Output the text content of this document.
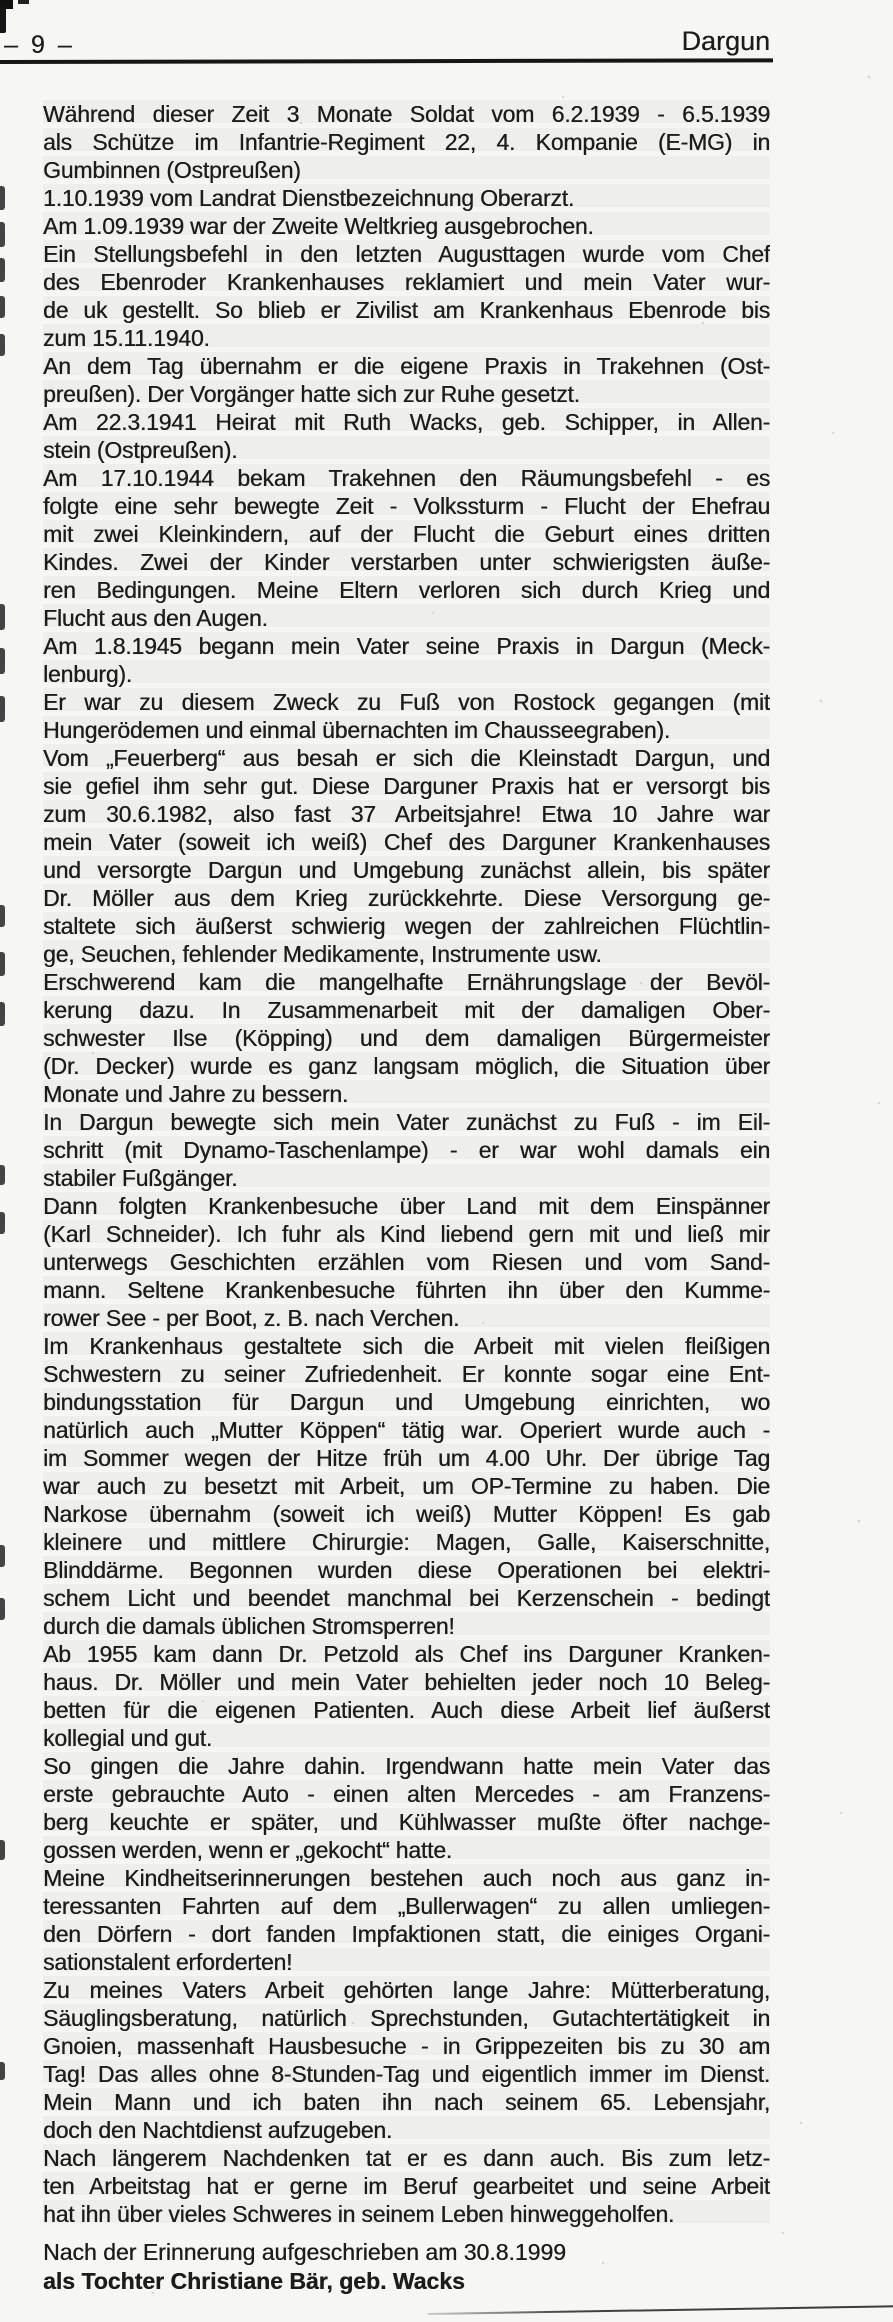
– 9 –	Dargun
Während dieser Zeit 3 Monate Soldat vom 6.2.1939 - 6.5.1939
als Schütze im Infantrie-Regiment 22, 4. Kompanie (E-MG) in
Gumbinnen (Ostpreußen)
1.10.1939 vom Landrat Dienstbezeichnung Oberarzt.
Am 1.09.1939 war der Zweite Weltkrieg ausgebrochen.
Ein Stellungsbefehl in den letzten Augusttagen wurde vom Chef
des Ebenroder Krankenhauses reklamiert und mein Vater wur-
de uk gestellt. So blieb er Zivilist am Krankenhaus Ebenrode bis
zum 15.11.1940.
An dem Tag übernahm er die eigene Praxis in Trakehnen (Ost-
preußen). Der Vorgänger hatte sich zur Ruhe gesetzt.
Am 22.3.1941 Heirat mit Ruth Wacks, geb. Schipper, in Allen-
stein (Ostpreußen).
Am 17.10.1944 bekam Trakehnen den Räumungsbefehl - es
folgte eine sehr bewegte Zeit - Volkssturm - Flucht der Ehefrau
mit zwei Kleinkindern, auf der Flucht die Geburt eines dritten
Kindes. Zwei der Kinder verstarben unter schwierigsten äuße-
ren Bedingungen. Meine Eltern verloren sich durch Krieg und
Flucht aus den Augen.
Am 1.8.1945 begann mein Vater seine Praxis in Dargun (Meck-
lenburg).
Er war zu diesem Zweck zu Fuß von Rostock gegangen (mit
Hungerödemen und einmal übernachten im Chausseegraben).
Vom „Feuerberg“ aus besah er sich die Kleinstadt Dargun, und
sie gefiel ihm sehr gut. Diese Darguner Praxis hat er versorgt bis
zum 30.6.1982, also fast 37 Arbeitsjahre! Etwa 10 Jahre war
mein Vater (soweit ich weiß) Chef des Darguner Krankenhauses
und versorgte Dargun und Umgebung zunächst allein, bis später
Dr. Möller aus dem Krieg zurückkehrte. Diese Versorgung ge-
staltete sich äußerst schwierig wegen der zahlreichen Flüchtlin-
ge, Seuchen, fehlender Medikamente, Instrumente usw.
Erschwerend kam die mangelhafte Ernährungslage der Bevöl-
kerung dazu. In Zusammenarbeit mit der damaligen Ober-
schwester Ilse (Köpping) und dem damaligen Bürgermeister
(Dr. Decker) wurde es ganz langsam möglich, die Situation über
Monate und Jahre zu bessern.
In Dargun bewegte sich mein Vater zunächst zu Fuß - im Eil-
schritt (mit Dynamo-Taschenlampe) - er war wohl damals ein
stabiler Fußgänger.
Dann folgten Krankenbesuche über Land mit dem Einspänner
(Karl Schneider). Ich fuhr als Kind liebend gern mit und ließ mir
unterwegs Geschichten erzählen vom Riesen und vom Sand-
mann. Seltene Krankenbesuche führten ihn über den Kumme-
rower See - per Boot, z. B. nach Verchen.
Im Krankenhaus gestaltete sich die Arbeit mit vielen fleißigen
Schwestern zu seiner Zufriedenheit. Er konnte sogar eine Ent-
bindungsstation für Dargun und Umgebung einrichten, wo
natürlich auch „Mutter Köppen“ tätig war. Operiert wurde auch -
im Sommer wegen der Hitze früh um 4.00 Uhr. Der übrige Tag
war auch zu besetzt mit Arbeit, um OP-Termine zu haben. Die
Narkose übernahm (soweit ich weiß) Mutter Köppen! Es gab
kleinere und mittlere Chirurgie: Magen, Galle, Kaiserschnitte,
Blinddärme. Begonnen wurden diese Operationen bei elektri-
schem Licht und beendet manchmal bei Kerzenschein - bedingt
durch die damals üblichen Stromsperren!
Ab 1955 kam dann Dr. Petzold als Chef ins Darguner Kranken-
haus. Dr. Möller und mein Vater behielten jeder noch 10 Beleg-
betten für die eigenen Patienten. Auch diese Arbeit lief äußerst
kollegial und gut.
So gingen die Jahre dahin. Irgendwann hatte mein Vater das
erste gebrauchte Auto - einen alten Mercedes - am Franzens-
berg keuchte er später, und Kühlwasser mußte öfter nachge-
gossen werden, wenn er „gekocht“ hatte.
Meine Kindheitserinnerungen bestehen auch noch aus ganz in-
teressanten Fahrten auf dem „Bullerwagen“ zu allen umliegen-
den Dörfern - dort fanden Impfaktionen statt, die einiges Organi-
sationstalent erforderten!
Zu meines Vaters Arbeit gehörten lange Jahre: Mütterberatung,
Säuglingsberatung, natürlich Sprechstunden, Gutachtertätigkeit in
Gnoien, massenhaft Hausbesuche - in Grippezeiten bis zu 30 am
Tag! Das alles ohne 8-Stunden-Tag und eigentlich immer im Dienst.
Mein Mann und ich baten ihn nach seinem 65. Lebensjahr,
doch den Nachtdienst aufzugeben.
Nach längerem Nachdenken tat er es dann auch. Bis zum letz-
ten Arbeitstag hat er gerne im Beruf gearbeitet und seine Arbeit
hat ihn über vieles Schweres in seinem Leben hinweggeholfen.
Nach der Erinnerung aufgeschrieben am 30.8.1999
als Tochter Christiane Bär, geb. Wacks
